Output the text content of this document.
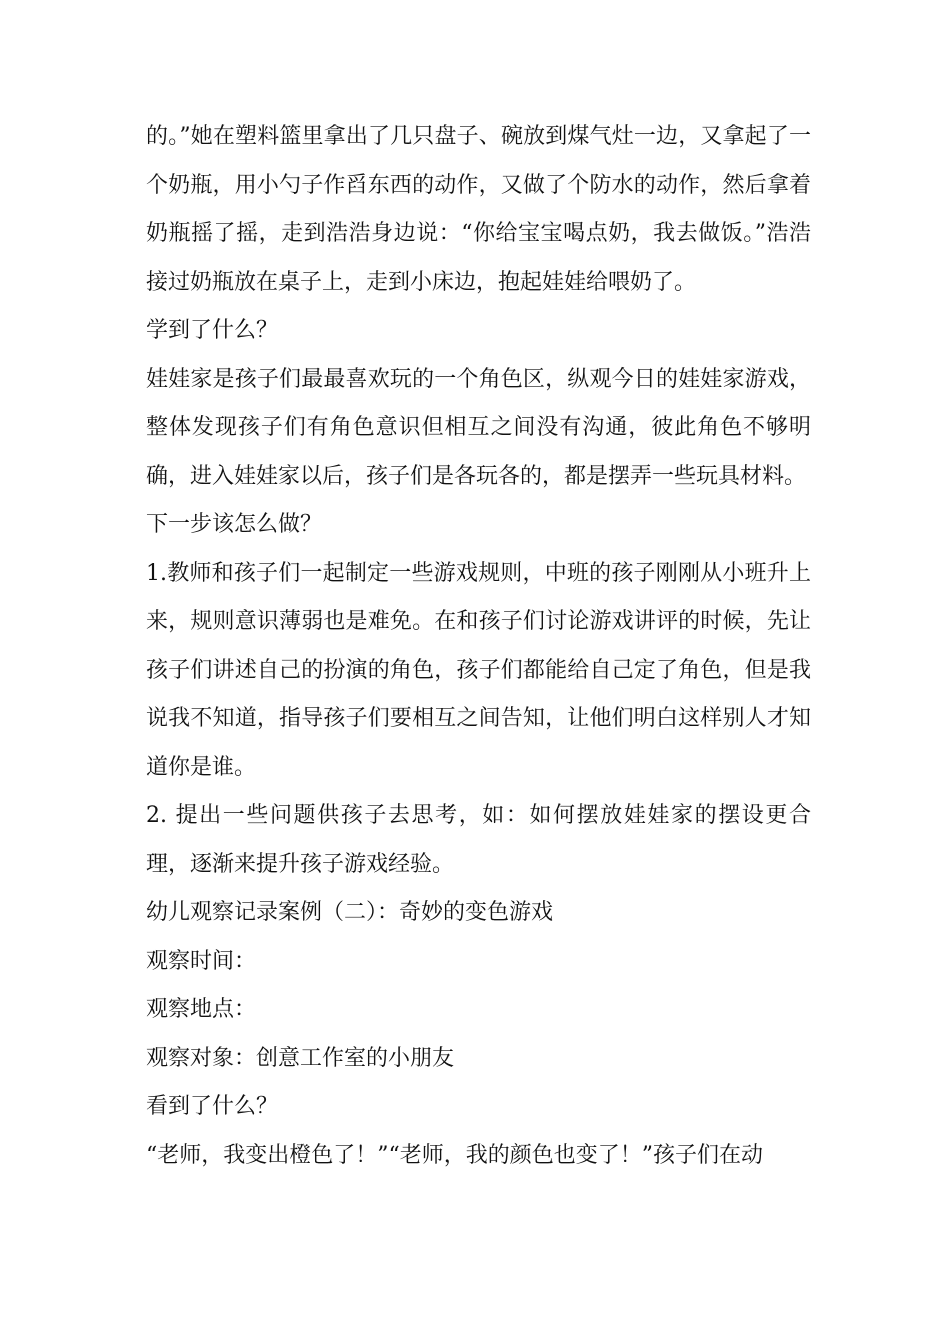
的。”她在塑料篮里拿出了几只盘子、碗放到煤气灶一边，又拿起了一个奶瓶，用小勺子作舀东西的动作，又做了个防水的动作，然后拿着奶瓶摇了摇，走到浩浩身边说：“你给宝宝喝点奶，我去做饭。”浩浩接过奶瓶放在桌子上，走到小床边，抱起娃娃给喂奶了。

学到了什么？

娃娃家是孩子们最最喜欢玩的一个角色区，纵观今日的娃娃家游戏，整体发现孩子们有角色意识但相互之间没有沟通，彼此角色不够明确，进入娃娃家以后，孩子们是各玩各的，都是摆弄一些玩具材料。

下一步该怎么做？

1.教师和孩子们一起制定一些游戏规则，中班的孩子刚刚从小班升上来，规则意识薄弱也是难免。在和孩子们讨论游戏讲评的时候，先让孩子们讲述自己的扮演的角色，孩子们都能给自己定了角色，但是我说我不知道，指导孩子们要相互之间告知，让他们明白这样别人才知道你是谁。

2. 提出一些问题供孩子去思考，如：如何摆放娃娃家的摆设更合理，逐渐来提升孩子游戏经验。

幼儿观察记录案例（二）：奇妙的变色游戏

观察时间：

观察地点：

观察对象：创意工作室的小朋友

看到了什么？

“老师，我变出橙色了！”“老师，我的颜色也变了！”孩子们在动
